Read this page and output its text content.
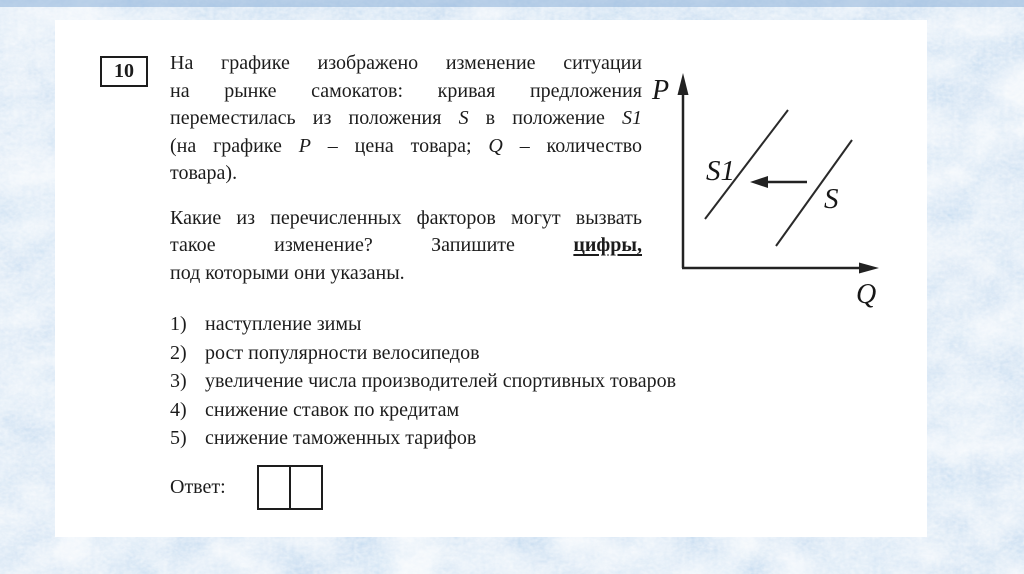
10 На графике изображено изменение ситуации
на рынке самокатов: кривая предложения
переместилась из положения S в положение S1
(на графике P – цена товара; Q – количество
товара).
Какие из перечисленных факторов могут вызвать
такое изменение? Запишите цифры,
под которыми они указаны.
1) наступление зимы
2) рост популярности велосипедов
3) увеличение числа производителей спортивных товаров
4) снижение ставок по кредитам
5) снижение таможенных тарифов
Ответ:
P
Q
S1
S
